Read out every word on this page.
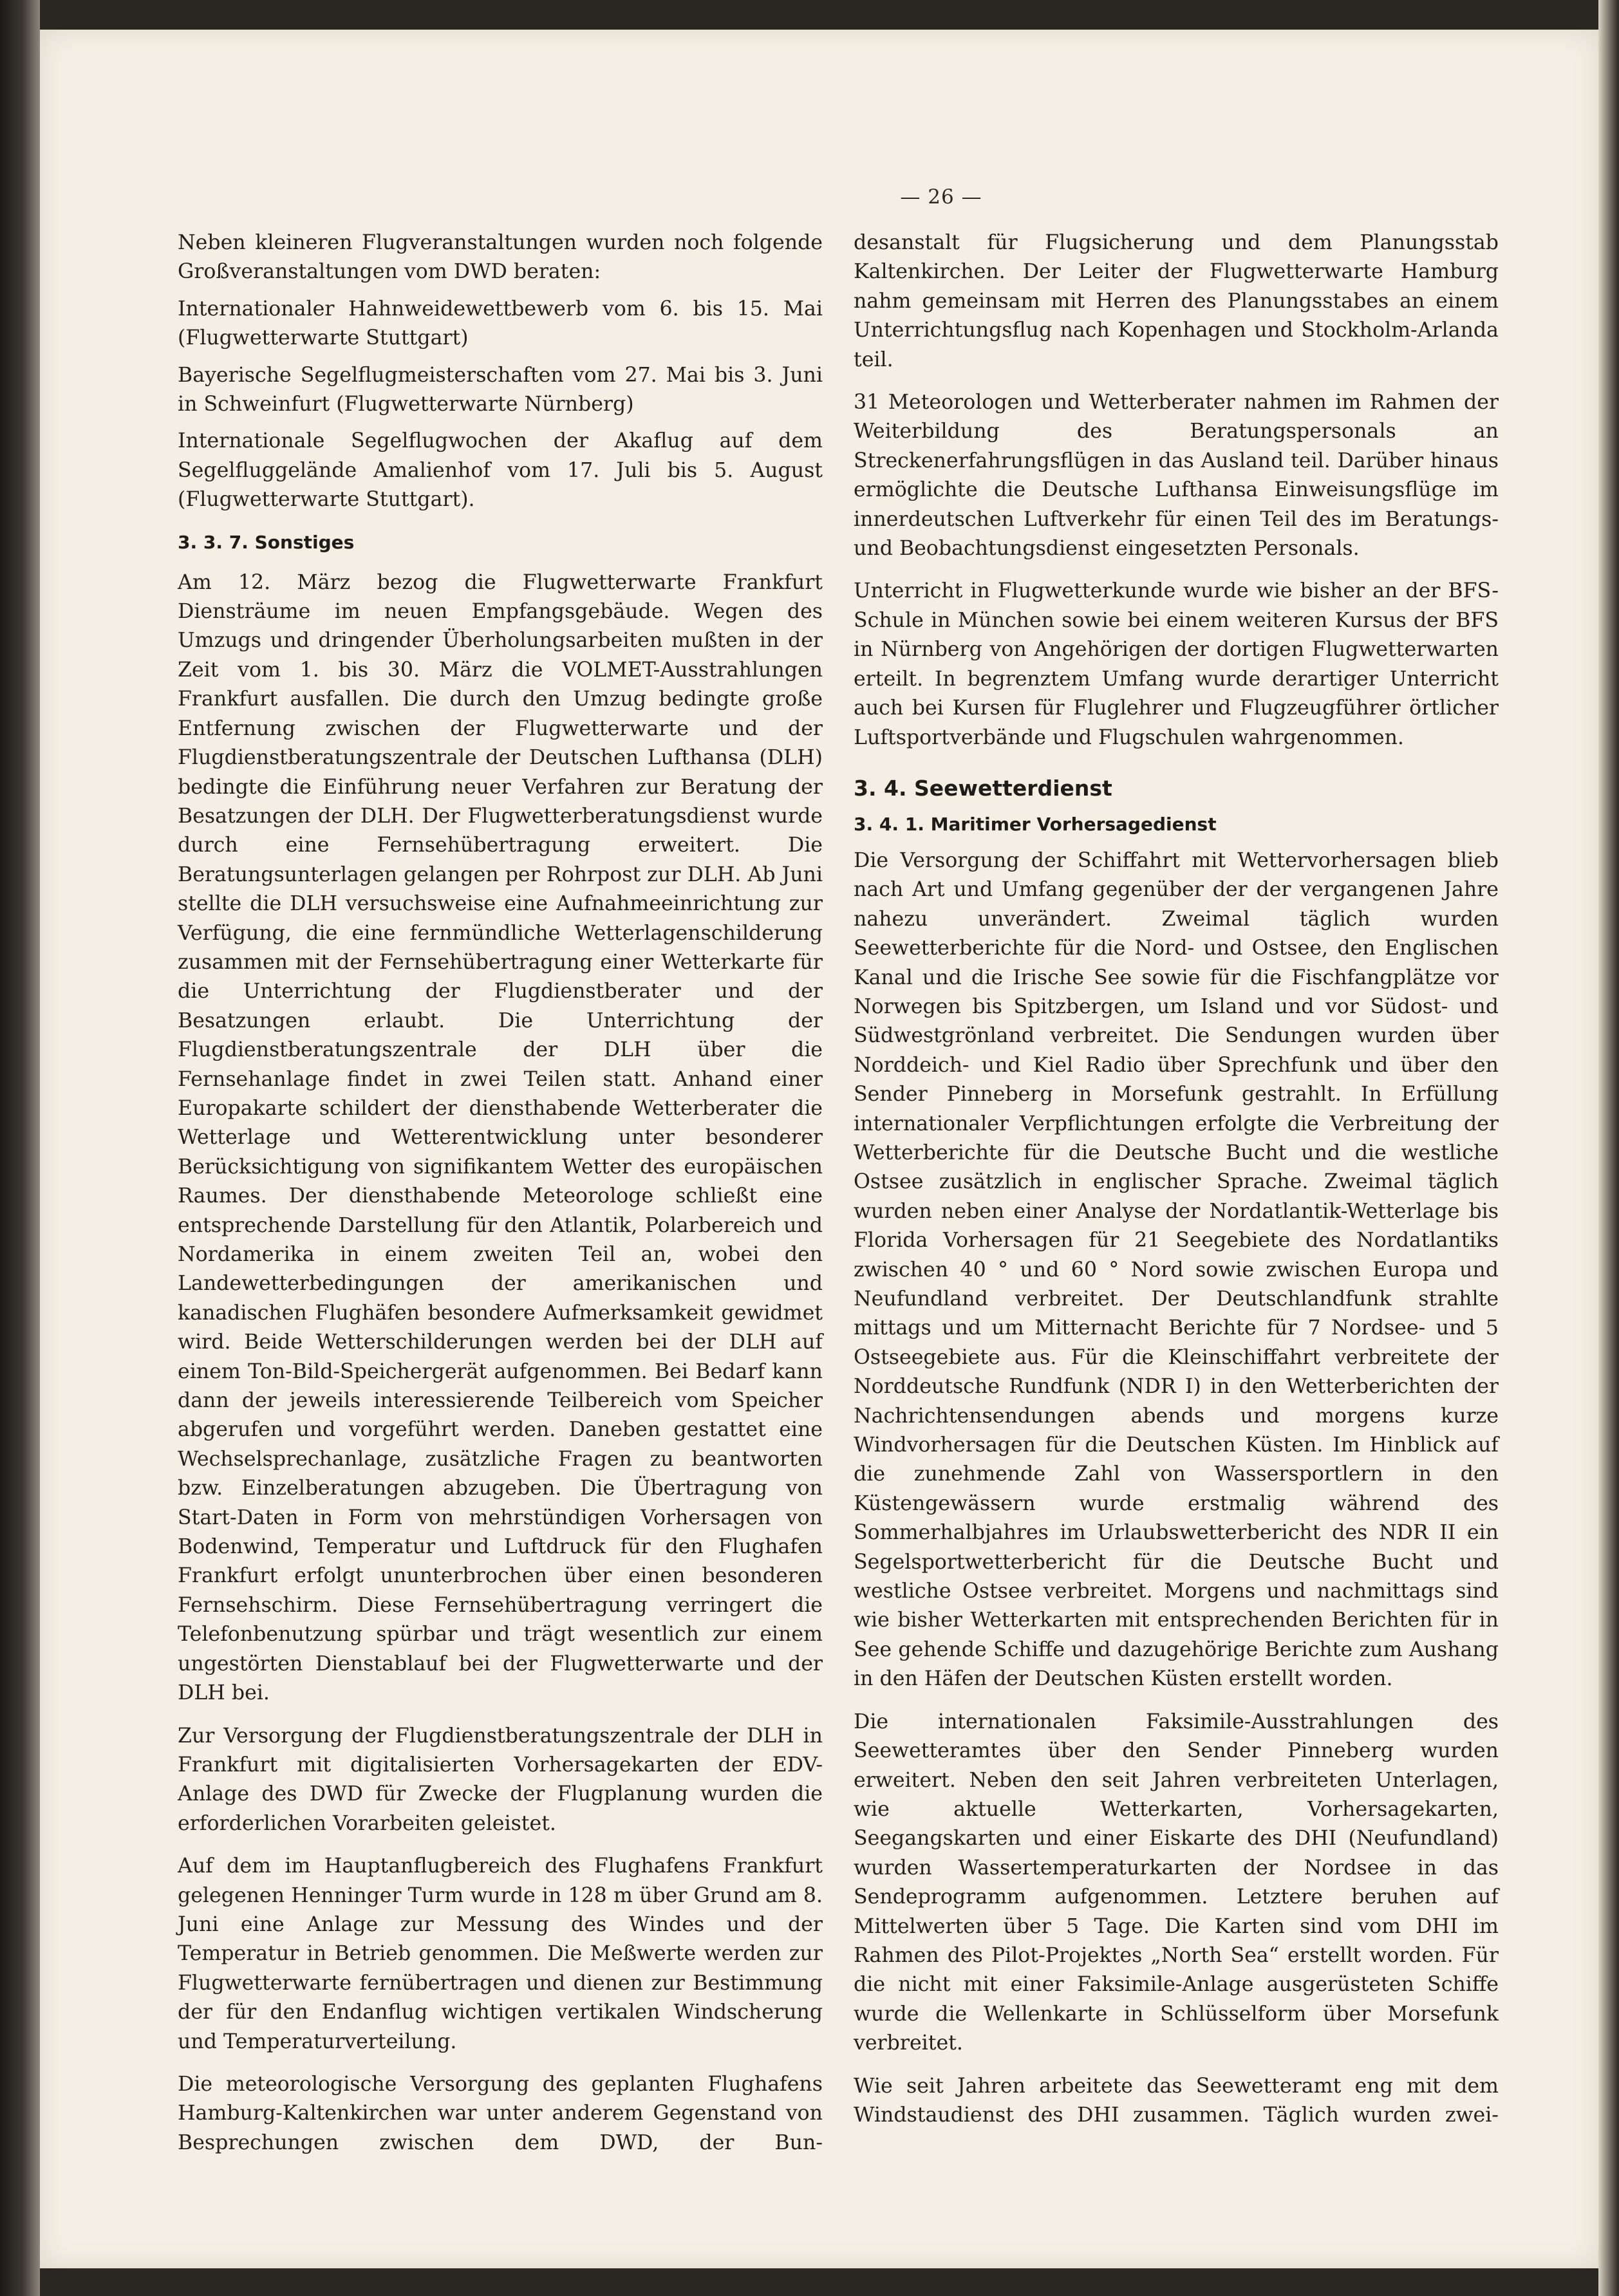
— 26 —

Neben kleineren Flugveranstaltungen wurden noch folgende Großveranstaltungen vom DWD beraten:

Internationaler Hahnweidewettbewerb vom 6. bis 15. Mai (Flugwetterwarte Stuttgart)

Bayerische Segelflugmeisterschaften vom 27. Mai bis 3. Juni in Schweinfurt (Flugwetterwarte Nürnberg)

Internationale Segelflugwochen der Akaflug auf dem Segelfluggelände Amalienhof vom 17. Juli bis 5. August (Flugwetterwarte Stuttgart).

3. 3. 7. Sonstiges

Am 12. März bezog die Flugwetterwarte Frankfurt Diensträume im neuen Empfangsgebäude. Wegen des Umzugs und dringender Überholungsarbeiten mußten in der Zeit vom 1. bis 30. März die VOLMET-Ausstrahlungen Frankfurt ausfallen. Die durch den Umzug bedingte große Entfernung zwischen der Flugwetterwarte und der Flugdienstberatungszentrale der Deutschen Lufthansa (DLH) bedingte die Einführung neuer Verfahren zur Beratung der Besatzungen der DLH. Der Flugwetterberatungsdienst wurde durch eine Fernsehübertragung erweitert. Die Beratungsunterlagen gelangen per Rohrpost zur DLH. Ab Juni stellte die DLH versuchsweise eine Aufnahmeeinrichtung zur Verfügung, die eine fernmündliche Wetterlagenschilderung zusammen mit der Fernsehübertragung einer Wetterkarte für die Unterrichtung der Flugdienstberater und der Besatzungen erlaubt. Die Unterrichtung der Flugdienstberatungszentrale der DLH über die Fernsehanlage findet in zwei Teilen statt. Anhand einer Europakarte schildert der diensthabende Wetterberater die Wetterlage und Wetterentwicklung unter besonderer Berücksichtigung von signifikantem Wetter des europäischen Raumes. Der diensthabende Meteorologe schließt eine entsprechende Darstellung für den Atlantik, Polarbereich und Nordamerika in einem zweiten Teil an, wobei den Landewetterbedingungen der amerikanischen und kanadischen Flughäfen besondere Aufmerksamkeit gewidmet wird. Beide Wetterschilderungen werden bei der DLH auf einem Ton-Bild-Speichergerät aufgenommen. Bei Bedarf kann dann der jeweils interessierende Teilbereich vom Speicher abgerufen und vorgeführt werden. Daneben gestattet eine Wechselsprechanlage, zusätzliche Fragen zu beantworten bzw. Einzelberatungen abzugeben. Die Übertragung von Start-Daten in Form von mehrstündigen Vorhersagen von Bodenwind, Temperatur und Luftdruck für den Flughafen Frankfurt erfolgt ununterbrochen über einen besonderen Fernsehschirm. Diese Fernsehübertragung verringert die Telefonbenutzung spürbar und trägt wesentlich zur einem ungestörten Dienstablauf bei der Flugwetterwarte und der DLH bei.

Zur Versorgung der Flugdienstberatungszentrale der DLH in Frankfurt mit digitalisierten Vorhersagekarten der EDV-Anlage des DWD für Zwecke der Flugplanung wurden die erforderlichen Vorarbeiten geleistet.

Auf dem im Hauptanflugbereich des Flughafens Frankfurt gelegenen Henninger Turm wurde in 128 m über Grund am 8. Juni eine Anlage zur Messung des Windes und der Temperatur in Betrieb genommen. Die Meßwerte werden zur Flugwetterwarte fernübertragen und dienen zur Bestimmung der für den Endanflug wichtigen vertikalen Windscherung und Temperaturverteilung.

Die meteorologische Versorgung des geplanten Flughafens Hamburg-Kaltenkirchen war unter anderem Gegenstand von Besprechungen zwischen dem DWD, der Bun-

desanstalt für Flugsicherung und dem Planungsstab Kaltenkirchen. Der Leiter der Flugwetterwarte Hamburg nahm gemeinsam mit Herren des Planungsstabes an einem Unterrichtungsflug nach Kopenhagen und Stockholm-Arlanda teil.

31 Meteorologen und Wetterberater nahmen im Rahmen der Weiterbildung des Beratungspersonals an Streckenerfahrungsflügen in das Ausland teil. Darüber hinaus ermöglichte die Deutsche Lufthansa Einweisungsflüge im innerdeutschen Luftverkehr für einen Teil des im Beratungs- und Beobachtungsdienst eingesetzten Personals.

Unterricht in Flugwetterkunde wurde wie bisher an der BFS-Schule in München sowie bei einem weiteren Kursus der BFS in Nürnberg von Angehörigen der dortigen Flugwetterwarten erteilt. In begrenztem Umfang wurde derartiger Unterricht auch bei Kursen für Fluglehrer und Flugzeugführer örtlicher Luftsportverbände und Flugschulen wahrgenommen.

3. 4. Seewetterdienst
3. 4. 1. Maritimer Vorhersagedienst

Die Versorgung der Schiffahrt mit Wettervorhersagen blieb nach Art und Umfang gegenüber der der vergangenen Jahre nahezu unverändert. Zweimal täglich wurden Seewetterberichte für die Nord- und Ostsee, den Englischen Kanal und die Irische See sowie für die Fischfangplätze vor Norwegen bis Spitzbergen, um Island und vor Südost- und Südwestgrönland verbreitet. Die Sendungen wurden über Norddeich- und Kiel Radio über Sprechfunk und über den Sender Pinneberg in Morsefunk gestrahlt. In Erfüllung internationaler Verpflichtungen erfolgte die Verbreitung der Wetterberichte für die Deutsche Bucht und die westliche Ostsee zusätzlich in englischer Sprache. Zweimal täglich wurden neben einer Analyse der Nordatlantik-Wetterlage bis Florida Vorhersagen für 21 Seegebiete des Nordatlantiks zwischen 40 ° und 60 ° Nord sowie zwischen Europa und Neufundland verbreitet. Der Deutschlandfunk strahlte mittags und um Mitternacht Berichte für 7 Nordsee- und 5 Ostseegebiete aus. Für die Kleinschiffahrt verbreitete der Norddeutsche Rundfunk (NDR I) in den Wetterberichten der Nachrichtensendungen abends und morgens kurze Windvorhersagen für die Deutschen Küsten. Im Hinblick auf die zunehmende Zahl von Wassersportlern in den Küstengewässern wurde erstmalig während des Sommerhalbjahres im Urlaubswetterbericht des NDR II ein Segelsportwetterbericht für die Deutsche Bucht und westliche Ostsee verbreitet. Morgens und nachmittags sind wie bisher Wetterkarten mit entsprechenden Berichten für in See gehende Schiffe und dazugehörige Berichte zum Aushang in den Häfen der Deutschen Küsten erstellt worden.

Die internationalen Faksimile-Ausstrahlungen des Seewetteramtes über den Sender Pinneberg wurden erweitert. Neben den seit Jahren verbreiteten Unterlagen, wie aktuelle Wetterkarten, Vorhersagekarten, Seegangskarten und einer Eiskarte des DHI (Neufundland) wurden Wassertemperaturkarten der Nordsee in das Sendeprogramm aufgenommen. Letztere beruhen auf Mittelwerten über 5 Tage. Die Karten sind vom DHI im Rahmen des Pilot-Projektes „North Sea“ erstellt worden. Für die nicht mit einer Faksimile-Anlage ausgerüsteten Schiffe wurde die Wellenkarte in Schlüsselform über Morsefunk verbreitet.

Wie seit Jahren arbeitete das Seewetteramt eng mit dem Windstaudienst des DHI zusammen. Täglich wurden zwei-
